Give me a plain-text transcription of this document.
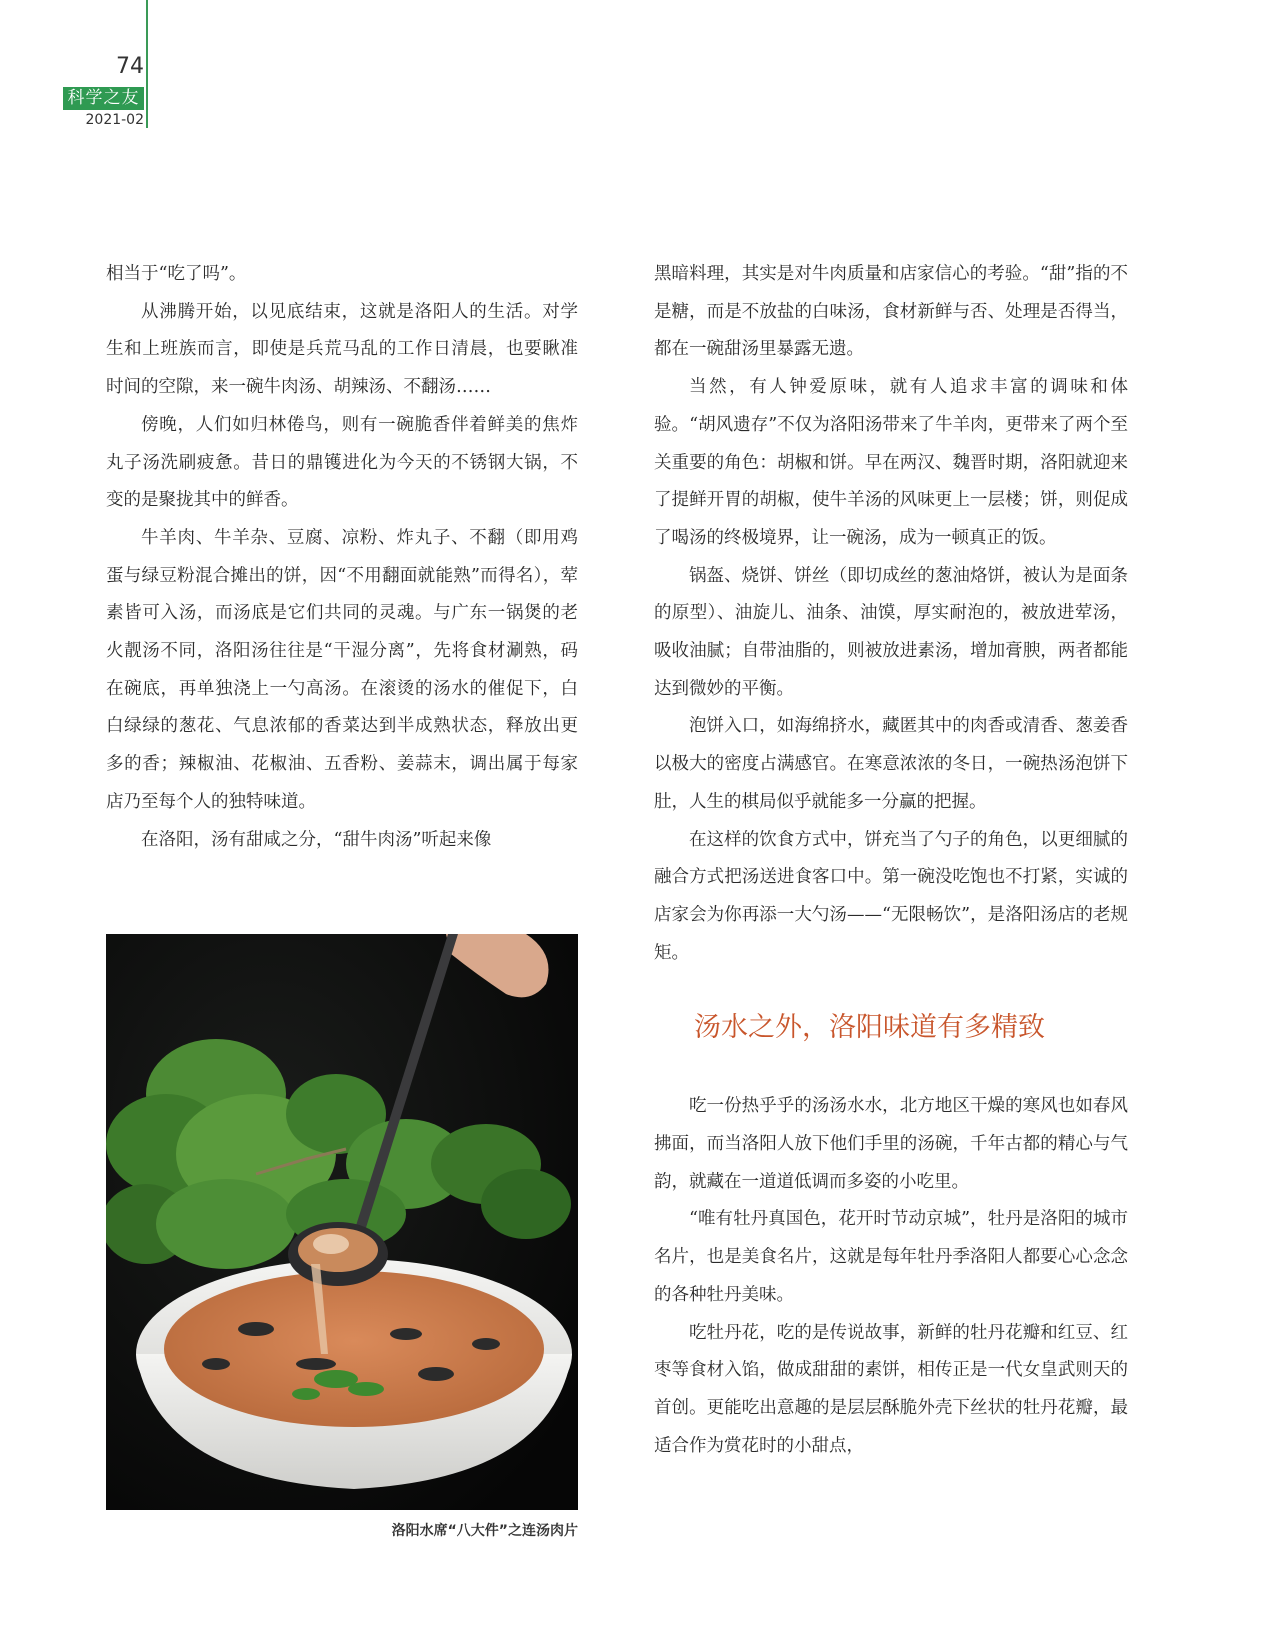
74
科学之友
2021-02

相当于“吃了吗”。

从沸腾开始，以见底结束，这就是洛阳人的生活。对学生和上班族而言，即使是兵荒马乱的工作日清晨，也要瞅准时间的空隙，来一碗牛肉汤、胡辣汤、不翻汤……

傍晚，人们如归林倦鸟，则有一碗脆香伴着鲜美的焦炸丸子汤洗刷疲惫。昔日的鼎镬进化为今天的不锈钢大锅，不变的是聚拢其中的鲜香。

牛羊肉、牛羊杂、豆腐、凉粉、炸丸子、不翻（即用鸡蛋与绿豆粉混合摊出的饼，因“不用翻面就能熟”而得名），荤素皆可入汤，而汤底是它们共同的灵魂。与广东一锅煲的老火靓汤不同，洛阳汤往往是“干湿分离”，先将食材涮熟，码在碗底，再单独浇上一勺高汤。在滚烫的汤水的催促下，白白绿绿的葱花、气息浓郁的香菜达到半成熟状态，释放出更多的香；辣椒油、花椒油、五香粉、姜蒜末，调出属于每家店乃至每个人的独特味道。

在洛阳，汤有甜咸之分，“甜牛肉汤”听起来像

洛阳水席“八大件”之连汤肉片

黑暗料理，其实是对牛肉质量和店家信心的考验。“甜”指的不是糖，而是不放盐的白味汤，食材新鲜与否、处理是否得当，都在一碗甜汤里暴露无遗。

当然，有人钟爱原味，就有人追求丰富的调味和体验。“胡风遗存”不仅为洛阳汤带来了牛羊肉，更带来了两个至关重要的角色：胡椒和饼。早在两汉、魏晋时期，洛阳就迎来了提鲜开胃的胡椒，使牛羊汤的风味更上一层楼；饼，则促成了喝汤的终极境界，让一碗汤，成为一顿真正的饭。

锅盔、烧饼、饼丝（即切成丝的葱油烙饼，被认为是面条的原型）、油旋儿、油条、油馍，厚实耐泡的，被放进荤汤，吸收油腻；自带油脂的，则被放进素汤，增加膏腴，两者都能达到微妙的平衡。

泡饼入口，如海绵挤水，藏匿其中的肉香或清香、葱姜香以极大的密度占满感官。在寒意浓浓的冬日，一碗热汤泡饼下肚，人生的棋局似乎就能多一分赢的把握。

在这样的饮食方式中，饼充当了勺子的角色，以更细腻的融合方式把汤送进食客口中。第一碗没吃饱也不打紧，实诚的店家会为你再添一大勺汤——“无限畅饮”，是洛阳汤店的老规矩。

汤水之外，洛阳味道有多精致

吃一份热乎乎的汤汤水水，北方地区干燥的寒风也如春风拂面，而当洛阳人放下他们手里的汤碗，千年古都的精心与气韵，就藏在一道道低调而多姿的小吃里。

“唯有牡丹真国色，花开时节动京城”，牡丹是洛阳的城市名片，也是美食名片，这就是每年牡丹季洛阳人都要心心念念的各种牡丹美味。

吃牡丹花，吃的是传说故事，新鲜的牡丹花瓣和红豆、红枣等食材入馅，做成甜甜的素饼，相传正是一代女皇武则天的首创。更能吃出意趣的是层层酥脆外壳下丝状的牡丹花瓣，最适合作为赏花时的小甜点，
